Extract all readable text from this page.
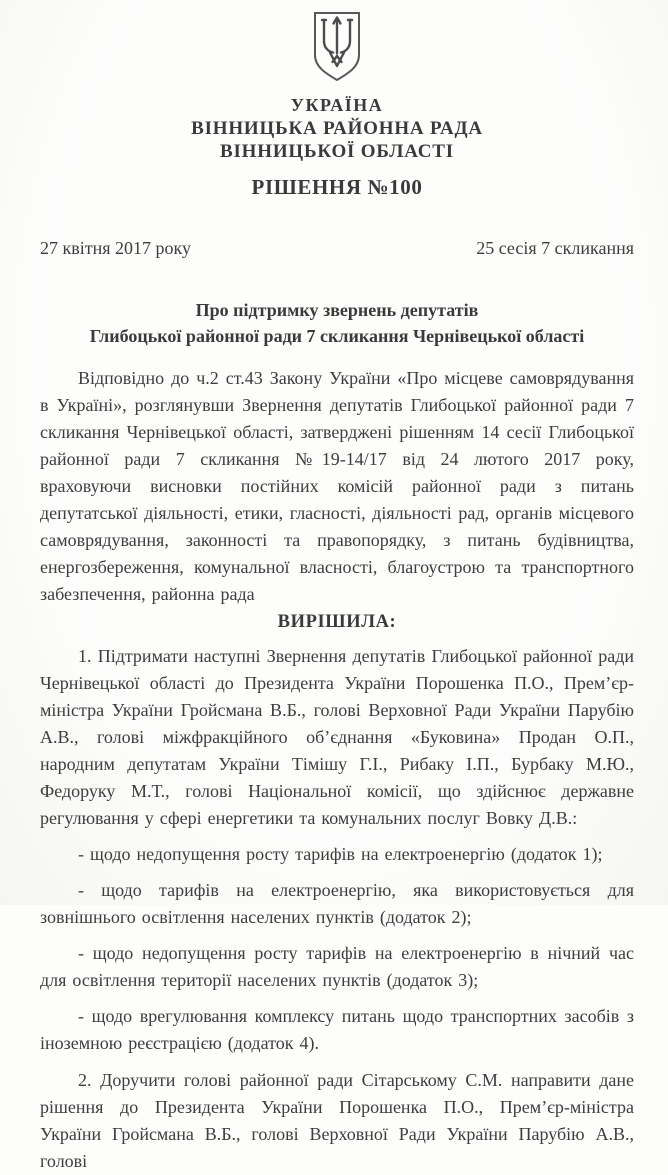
УКРАЇНА
ВІННИЦЬКА РАЙОННА РАДА
ВІННИЦЬКОЇ ОБЛАСТІ
РІШЕННЯ №100
27 квітня 2017 року	25 сесія 7 скликання
Про підтримку звернень депутатів
Глибоцької районної ради 7 скликання Чернівецької області

Відповідно до ч.2 ст.43 Закону України «Про місцеве самоврядування в Україні», розглянувши Звернення депутатів Глибоцької районної ради 7 скликання Чернівецької області, затверджені рішенням 14 сесії Глибоцької районної ради 7 скликання №19-14/17 від 24 лютого 2017 року, враховуючи висновки постійних комісій районної ради з питань депутатської діяльності, етики, гласності, діяльності рад, органів місцевого самоврядування, законності та правопорядку, з питань будівництва, енергозбереження, комунальної власності, благоустрою та транспортного забезпечення, районна рада

ВИРІШИЛА:

1. Підтримати наступні Звернення депутатів Глибоцької районної ради Чернівецької області до Президента України Порошенка П.О., Прем’єр-міністра України Гройсмана В.Б., голові Верховної Ради України Парубію А.В., голові міжфракційного об’єднання «Буковина» Продан О.П., народним депутатам України Тімішу Г.І., Рибаку І.П., Бурбаку М.Ю., Федоруку М.Т., голові Національної комісії, що здійснює державне регулювання у сфері енергетики та комунальних послуг Вовку Д.В.:

- щодо недопущення росту тарифів на електроенергію (додаток 1);

- щодо тарифів на електроенергію, яка використовується для зовнішнього освітлення населених пунктів (додаток 2);

- щодо недопущення росту тарифів на електроенергію в нічний час для освітлення території населених пунктів (додаток 3);

- щодо врегулювання комплексу питань щодо транспортних засобів з іноземною реєстрацією (додаток 4).

2. Доручити голові районної ради Сітарському С.М. направити дане рішення до Президента України Порошенка П.О., Прем’єр-міністра України Гройсмана В.Б., голові Верховної Ради України Парубію А.В., голові
